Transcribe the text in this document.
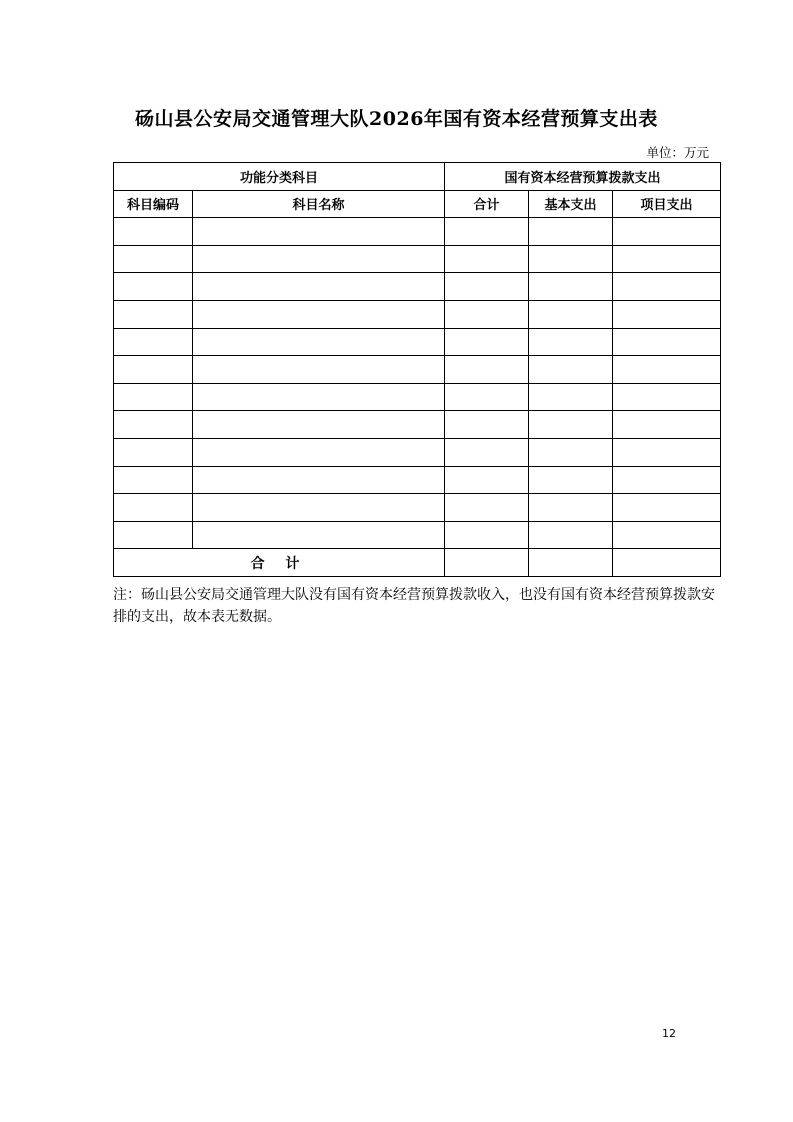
砀山县公安局交通管理大队2026年国有资本经营预算支出表
单位：万元
功能分类科目		国有资本经营预算拨款支出		
科目编码	科目名称	合计	基本支出	项目支出

合 计				
注：砀山县公安局交通管理大队没有国有资本经营预算拨款收入，也没有国有资本经营预算拨款安排的支出，故本表无数据。
12
